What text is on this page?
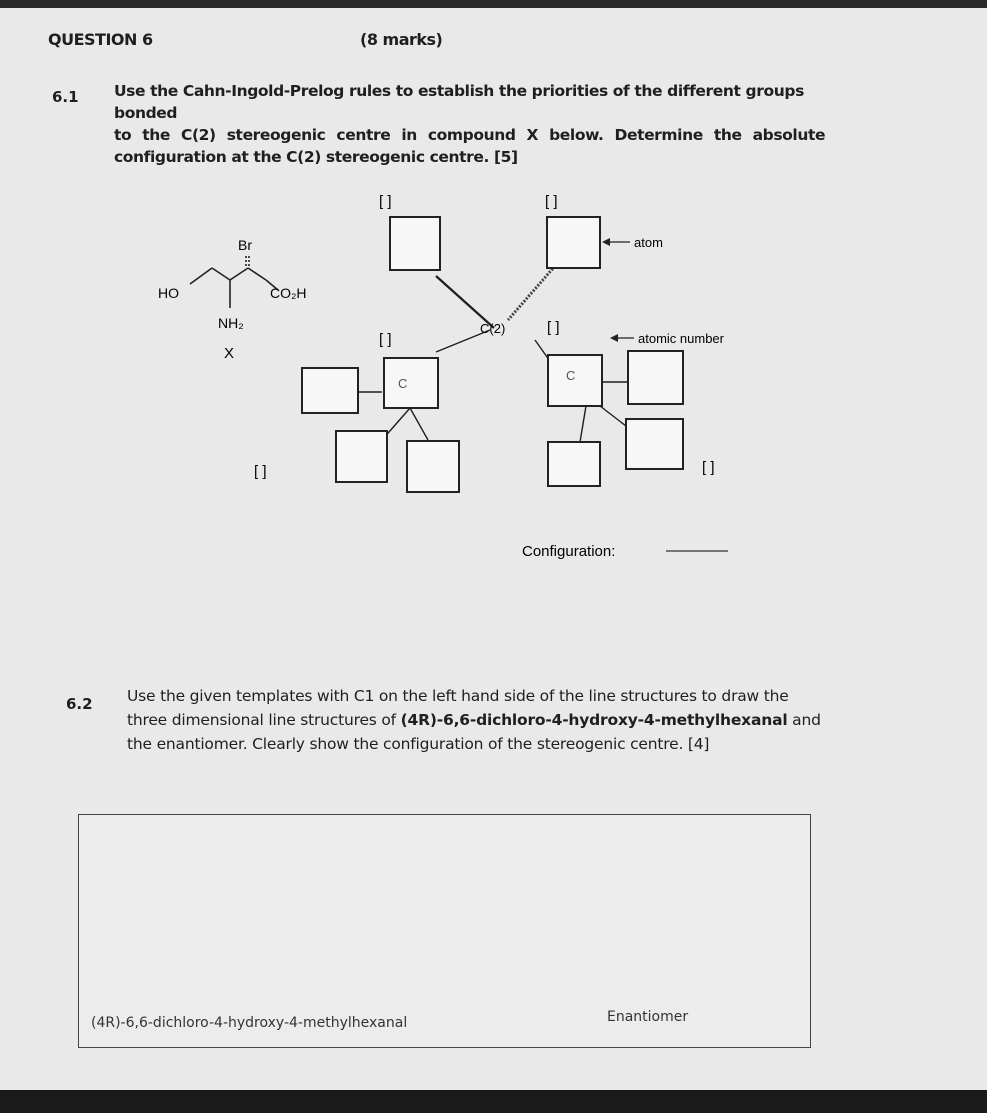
QUESTION 6	(8 marks)
6.1 Use the Cahn-Ingold-Prelog rules to establish the priorities of the different groups bonded
to the C(2) stereogenic centre in compound X below. Determine the absolute
configuration at the C(2) stereogenic centre. [5]
Br
HO	CO₂H
NH₂
X
[ ]	[ ]
[ ]
[ ]
[ ]	[ ]
C(2)
C
C
atom
atomic number
Configuration:
6.2 Use the given templates with C1 on the left hand side of the line structures to draw the
three dimensional line structures of (4R)-6,6-dichloro-4-hydroxy-4-methylhexanal and
the enantiomer. Clearly show the configuration of the stereogenic centre. [4]
(4R)-6,6-dichloro-4-hydroxy-4-methylhexanal	Enantiomer
